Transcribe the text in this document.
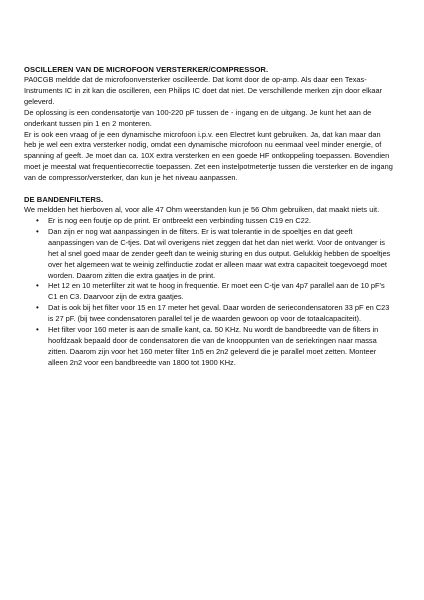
OSCILLEREN VAN DE MICROFOON VERSTERKER/COMPRESSOR.

PA0CGB meldde dat de microfoonversterker oscilleerde. Dat komt door de op-amp. Als daar een Texas-Instruments IC in zit kan die oscilleren, een Philips IC doet dat niet. De verschillende merken zijn door elkaar geleverd.

De oplossing is een condensatortje van 100-220 pF tussen de - ingang en de uitgang. Je kunt het aan de onderkant tussen pin 1 en 2 monteren.

Er is ook een vraag of je een dynamische microfoon i.p.v. een Electret kunt gebruiken. Ja, dat kan maar dan heb je wel een extra versterker nodig, omdat een dynamische microfoon nu eenmaal veel minder energie, of spanning af geeft. Je moet dan ca. 10X extra versterken en een goede HF ontkoppeling toepassen. Bovendien moet je meestal wat frequentiecorrectie toepassen. Zet een instelpotmetertje tussen die versterker en de ingang van de compressor/versterker, dan kun je het niveau aanpassen.

DE BANDENFILTERS.

We meldden het hierboven al, voor alle 47 Ohm weerstanden kun je 56 Ohm gebruiken, dat maakt niets uit.

• Er is nog een foutje op de print. Er ontbreekt een verbinding tussen C19 en C22.
• Dan zijn er nog wat aanpassingen in de filters. Er is wat tolerantie in de spoeltjes en dat geeft aanpassingen van de C-tjes. Dat wil overigens niet zeggen dat het dan niet werkt. Voor de ontvanger is het al snel goed maar de zender geeft dan te weinig sturing en dus output. Gelukkig hebben de spoeltjes over het algemeen wat te weinig zelfinductie zodat er alleen maar wat extra capaciteit toegevoegd moet worden. Daarom zitten die extra gaatjes in de print.
• Het 12 en 10 meterfilter zit wat te hoog in frequentie. Er moet een C-tje van 4p7 parallel aan de 10 pF's C1 en C3. Daarvoor zijn de extra gaatjes.
• Dat is ook bij het filter voor 15 en 17 meter het geval. Daar worden de seriecondensatoren 33 pF en C23 is 27 pF. (bij twee condensatoren parallel tel je de waarden gewoon op voor de totaalcapaciteit).
• Het filter voor 160 meter is aan de smalle kant, ca. 50 KHz. Nu wordt de bandbreedte van de filters in hoofdzaak bepaald door de condensatoren die van de knooppunten van de seriekringen naar massa zitten. Daarom zijn voor het 160 meter filter 1n5 en 2n2 geleverd die je parallel moet zetten. Monteer alleen 2n2 voor een bandbreedte van 1800 tot 1900 KHz.
